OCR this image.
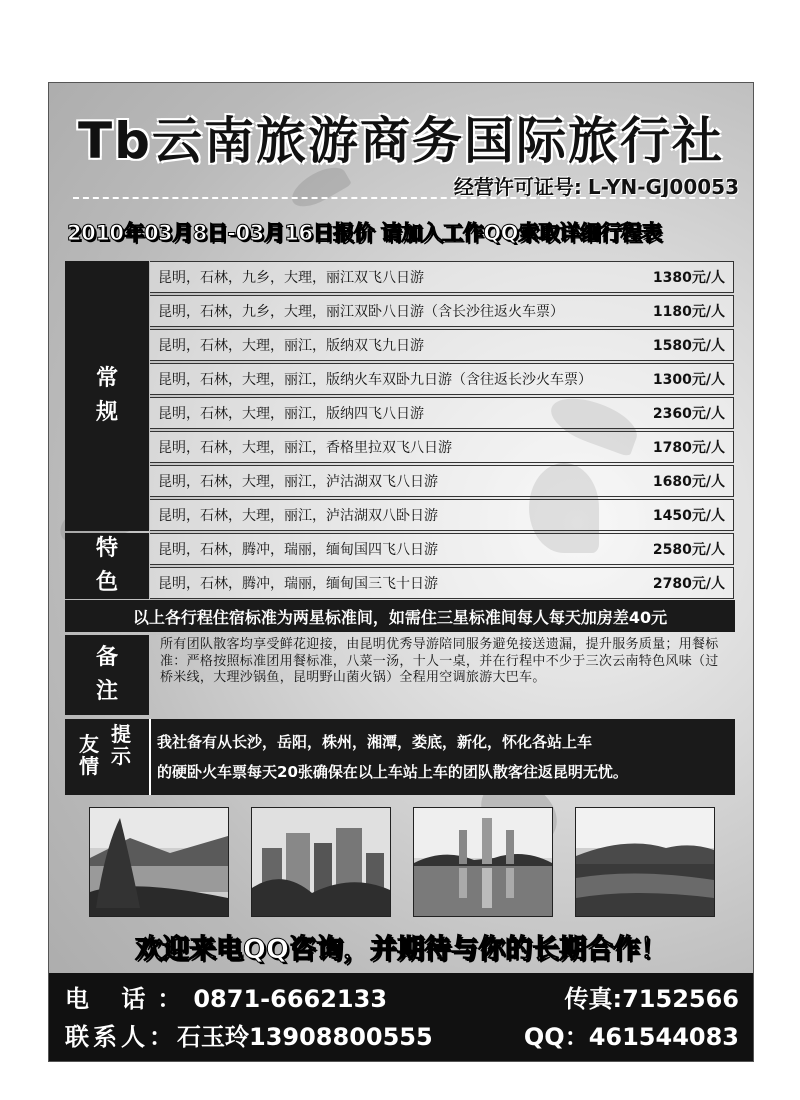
Tb云南旅游商务国际旅行社
经营许可证号: L-YN-GJ00053
2010年03月8日-03月16日报价 请加入工作QQ索取详细行程表
常
规
昆明，石林，九乡，大理，丽江双飞八日游	1380元/人
昆明，石林，九乡，大理，丽江双卧八日游（含长沙往返火车票）	1180元/人
昆明，石林，大理，丽江，版纳双飞九日游	1580元/人
昆明，石林，大理，丽江，版纳火车双卧九日游（含往返长沙火车票）	1300元/人
昆明，石林，大理，丽江，版纳四飞八日游	2360元/人
昆明，石林，大理，丽江，香格里拉双飞八日游	1780元/人
昆明，石林，大理，丽江，泸沽湖双飞八日游	1680元/人
昆明，石林，大理，丽江，泸沽湖双八卧日游	1450元/人
特
色
昆明，石林，腾冲，瑞丽，缅甸国四飞八日游	2580元/人
昆明，石林，腾冲，瑞丽，缅甸国三飞十日游	2780元/人
以上各行程住宿标准为两星标准间，如需住三星标准间每人每天加房差40元
备
注
所有团队散客均享受鲜花迎接，由昆明优秀导游陪同服务避免接送遗漏，提升服务质量；用餐标准：严格按照标准团用餐标准，八菜一汤，十人一桌，并在行程中不少于三次云南特色风味（过桥米线，大理沙锅鱼，昆明野山菌火锅）全程用空调旅游大巴车。
友
情
提
示
我社备有从长沙，岳阳，株州，湘潭，娄底，新化，怀化各站上车
的硬卧火车票每天20张确保在以上车站上车的团队散客往返昆明无忧。
欢迎来电QQ咨询，并期待与你的长期合作！
电 话：0871-6662133	传真:7152566
联系人：石玉玲13908800555	QQ：461544083
